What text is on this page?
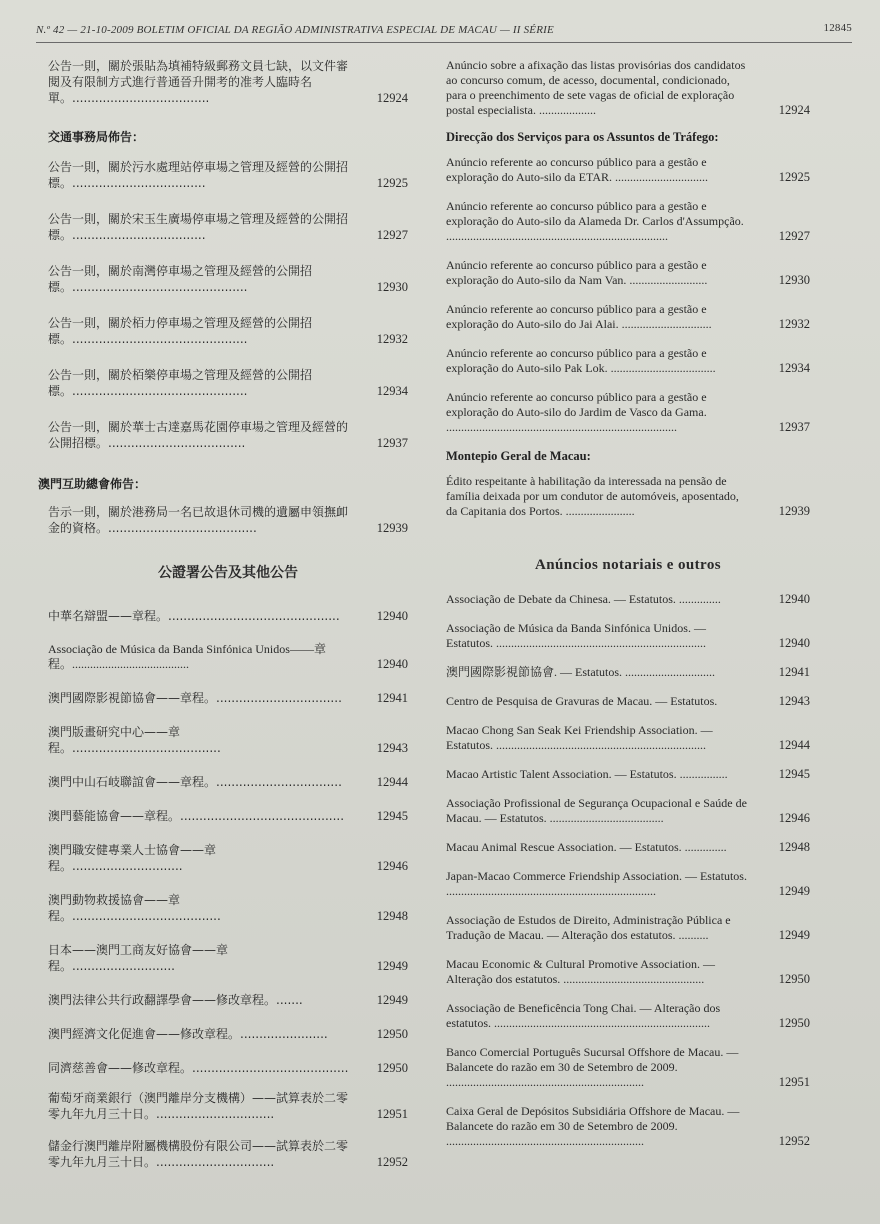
N.º 42 — 21-10-2009 BOLETIM OFICIAL DA REGIÃO ADMINISTRATIVA ESPECIAL DE MACAU — II SÉRIE	12845
公告一則，關於張貼為填補特級郵務文員七缺，以文件審閱及有限制方式進行普通晉升開考的准考人臨時名單。....................................	12924

交通事務局佈告：

公告一則，關於污水處理站停車場之管理及經營的公開招標。...................................	12925
公告一則，關於宋玉生廣場停車場之管理及經營的公開招標。...................................	12927
公告一則，關於南灣停車場之管理及經營的公開招標。..............................................	12930
公告一則，關於栢力停車場之管理及經營的公開招標。..............................................	12932
公告一則，關於栢樂停車場之管理及經營的公開招標。..............................................	12934
公告一則，關於華士古達嘉馬花園停車場之管理及經營的公開招標。....................................	12937

澳門互助總會佈告：

告示一則，關於港務局一名已故退休司機的遺屬申領撫卹金的資格。.......................................	12939

公證署公告及其他公告

中華名辯盟——章程。.............................................	12940
Associação de Música da Banda Sinfónica Unidos——章程。.......................................	12940
澳門國際影視節協會——章程。.................................	12941
澳門版畫研究中心——章程。.......................................	12943
澳門中山石岐聯誼會——章程。.................................	12944
澳門藝能協會——章程。...........................................	12945
澳門職安健專業人士協會——章程。.............................	12946
澳門動物救援協會——章程。.......................................	12948
日本——澳門工商友好協會——章程。...........................	12949
澳門法律公共行政翻譯學會——修改章程。.......	12949
澳門經濟文化促進會——修改章程。.......................	12950
同濟慈善會——修改章程。.........................................	12950
葡萄牙商業銀行（澳門離岸分支機構）——試算表於二零零九年九月三十日。...............................	12951
儲金行澳門離岸附屬機構股份有限公司——試算表於二零零九年九月三十日。...............................	12952
Anúncio sobre a afixação das listas provisórias dos candidatos ao concurso comum, de acesso, documental, condicionado, para o preenchimento de sete vagas de oficial de exploração postal especialista. ...................	12924

Direcção dos Serviços para os Assuntos de Tráfego:

Anúncio referente ao concurso público para a gestão e exploração do Auto-silo da ETAR. ...............................	12925
Anúncio referente ao concurso público para a gestão e exploração do Auto-silo da Alameda Dr. Carlos d'Assumpção. ..........................................................................	12927
Anúncio referente ao concurso público para a gestão e exploração do Auto-silo da Nam Van. ..........................	12930
Anúncio referente ao concurso público para a gestão e exploração do Auto-silo do Jai Alai. ..............................	12932
Anúncio referente ao concurso público para a gestão e exploração do Auto-silo Pak Lok. ...................................	12934
Anúncio referente ao concurso público para a gestão e exploração do Auto-silo do Jardim de Vasco da Gama. .............................................................................	12937

Montepio Geral de Macau:

Édito respeitante à habilitação da interessada na pensão de família deixada por um condutor de automóveis, aposentado, da Capitania dos Portos. .......................	12939

Anúncios notariais e outros

Associação de Debate da Chinesa. — Estatutos. ..............	12940
Associação de Música da Banda Sinfónica Unidos. — Estatutos. ......................................................................	12940
澳門國際影視節協會. — Estatutos. ..............................	12941
Centro de Pesquisa de Gravuras de Macau. — Estatutos.	12943
Macao Chong San Seak Kei Friendship Association. — Estatutos. ......................................................................	12944
Macao Artistic Talent Association. — Estatutos. ................	12945
Associação Profissional de Segurança Ocupacional e Saúde de Macau. — Estatutos. ......................................	12946
Macau Animal Rescue Association. — Estatutos. ..............	12948
Japan-Macao Commerce Friendship Association. — Estatutos. ......................................................................	12949
Associação de Estudos de Direito, Administração Pública e Tradução de Macau. — Alteração dos estatutos. ..........	12949
Macau Economic & Cultural Promotive Association. — Alteração dos estatutos. ...............................................	12950
Associação de Beneficência Tong Chai. — Alteração dos estatutos. ........................................................................	12950
Banco Comercial Português Sucursal Offshore de Macau. — Balancete do razão em 30 de Setembro de 2009. ..................................................................	12951
Caixa Geral de Depósitos Subsidiária Offshore de Macau. — Balancete do razão em 30 de Setembro de 2009. ..................................................................	12952
